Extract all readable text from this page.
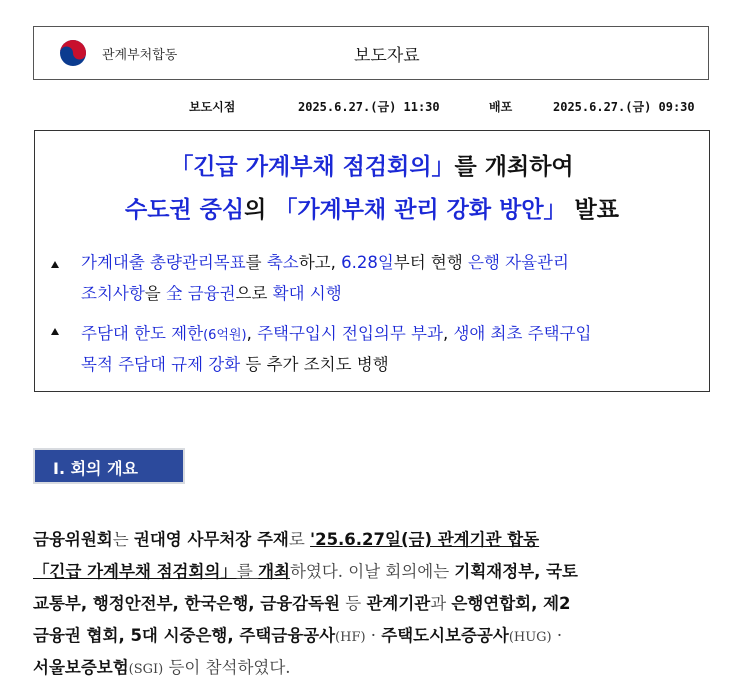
관계부처합동	보도자료
보도시점	2025.6.27.(금) 11:30	배포	2025.6.27.(금) 09:30
「긴급 가계부채 점검회의」를 개최하여
수도권 중심의 「가계부채 관리 강화 방안」 발표
가계대출 총량관리목표를 축소하고, 6.28일부터 현행 은행 자율관리
조치사항을 全 금융권으로 확대 시행
주담대 한도 제한(6억원), 주택구입시 전입의무 부과, 생애 최초 주택구입
목적 주담대 규제 강화 등 추가 조치도 병행
I. 회의 개요
금융위원회는 권대영 사무처장 주재로 '25.6.27일(금) 관계기관 합동
「긴급 가계부채 점검회의」를 개최하였다. 이날 회의에는 기획재정부, 국토
교통부, 행정안전부, 한국은행, 금융감독원 등 관계기관과 은행연합회, 제2
금융권 협회, 5대 시중은행, 주택금융공사(HF) · 주택도시보증공사(HUG) ·
서울보증보험(SGI) 등이 참석하였다.
